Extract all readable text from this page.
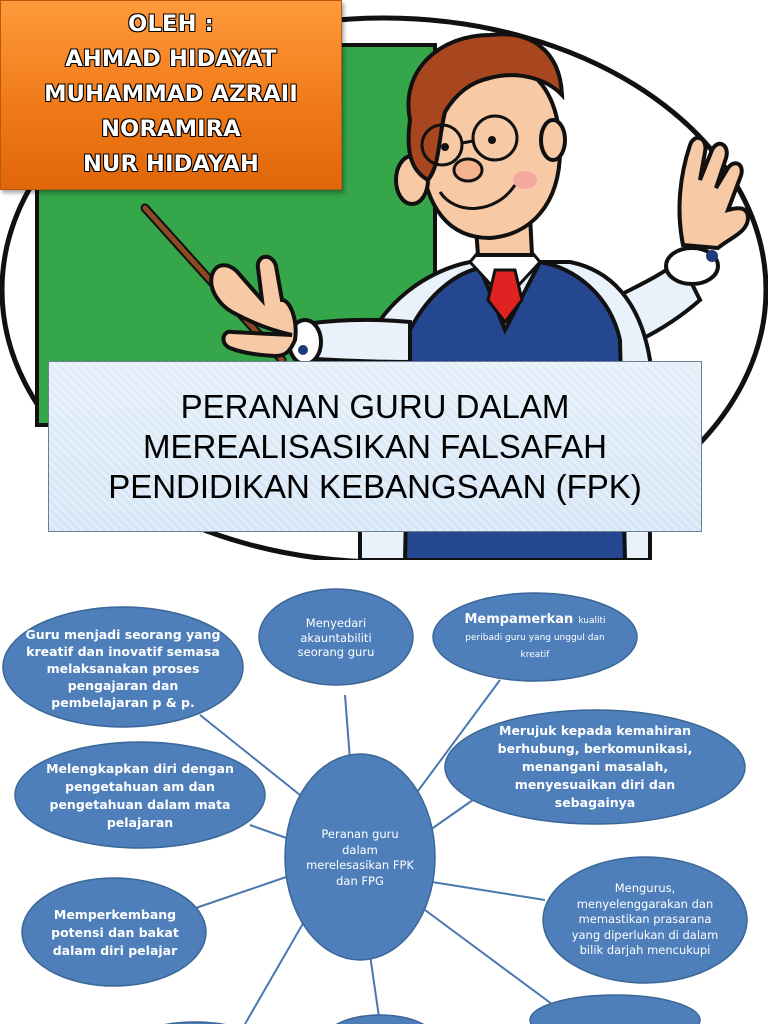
OLEH :
AHMAD HIDAYAT
MUHAMMAD AZRAII
NORAMIRA
NUR HIDAYAH
PERANAN GURU DALAM
MEREALISASIKAN FALSAFAH
PENDIDIKAN KEBANGSAAN (FPK)
Guru menjadi seorang yang kreatif dan inovatif semasa melaksanakan proses pengajaran dan pembelajaran p & p.
Menyedari akauntabiliti seorang guru
Mempamerkan kualiti peribadi guru yang unggul dan kreatif
Merujuk kepada kemahiran berhubung, berkomunikasi, menangani masalah, menyesuaikan diri dan sebagainya
Melengkapkan diri dengan pengetahuan am dan pengetahuan dalam mata pelajaran
Peranan guru dalam merelesasikan FPK dan FPG
Mengurus, menyelenggarakan dan memastikan prasarana yang diperlukan di dalam bilik darjah mencukupi
Memperkembang potensi dan bakat dalam diri pelajar
